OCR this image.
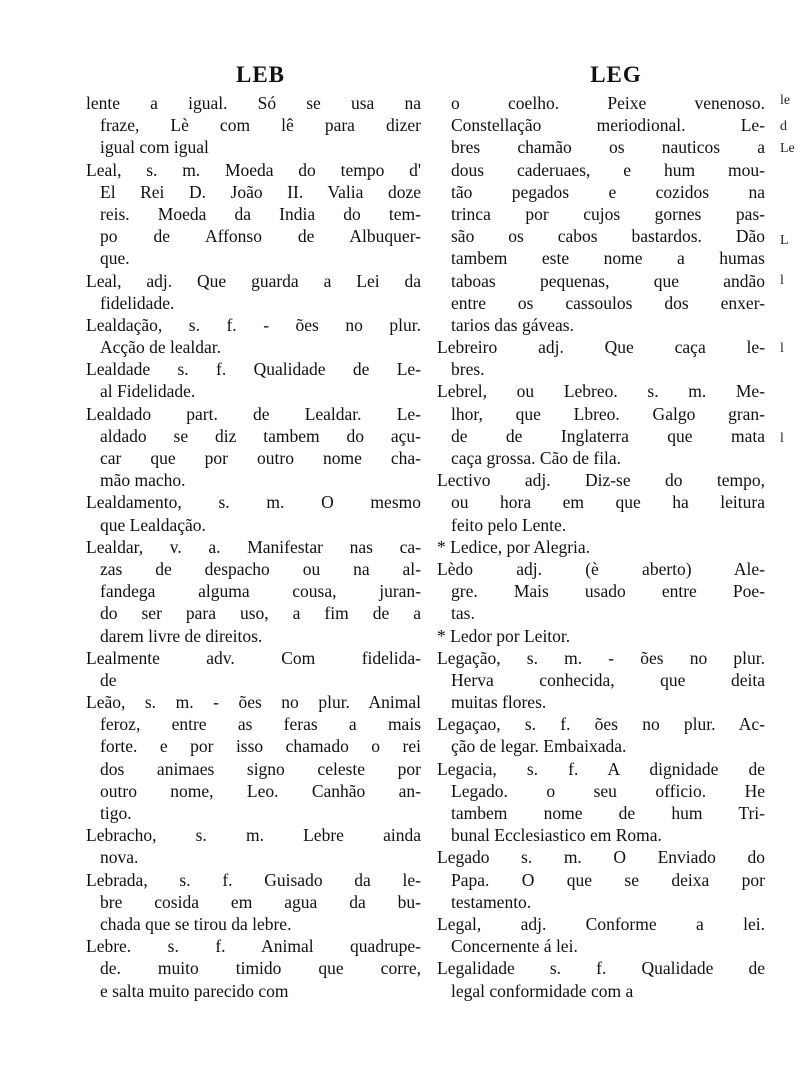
LEB
lente a igual. Só se usa na
fraze, Lè com lê para dizer
igual com igual
Leal, s. m. Moeda do tempo d'
El Rei D. João II. Valia doze
reis. Moeda da India do tem-
po de Affonso de Albuquer-
que.
Leal, adj. Que guarda a Lei da
fidelidade.
Lealdação, s. f. - ões no plur.
Acção de lealdar.
Lealdade s. f. Qualidade de Le-
al Fidelidade.
Lealdado part. de Lealdar. Le-
aldado se diz tambem do açu-
car que por outro nome cha-
mão macho.
Lealdamento, s. m. O mesmo
que Lealdação.
Lealdar, v. a. Manifestar nas ca-
zas de despacho ou na al-
fandega alguma cousa, juran-
do ser para uso, a fim de a
darem livre de direitos.
Lealmente adv. Com fidelida-
de
Leão, s. m. - ões no plur. Animal
feroz, entre as feras a mais
forte. e por isso chamado o rei
dos animaes signo celeste por
outro nome, Leo. Canhão an-
tigo.
Lebracho, s. m. Lebre ainda
nova.
Lebrada, s. f. Guisado da le-
bre cosida em agua da bu-
chada que se tirou da lebre.
Lebre. s. f. Animal quadrupe-
de. muito timido que corre,
e salta muito parecido com
LEG
o coelho. Peixe venenoso.
Constellação meriodional. Le-
bres chamão os nauticos a
dous caderuaes, e hum mou-
tão pegados e cozidos na
trinca por cujos gornes pas-
são os cabos bastardos. Dão
tambem este nome a humas
taboas pequenas, que andão
entre os cassoulos dos enxer-
tarios das gáveas.
Lebreiro adj. Que caça le-
bres.
Lebrel, ou Lebreo. s. m. Me-
lhor, que Lbreo. Galgo gran-
de de Inglaterra que mata
caça grossa. Cão de fila.
Lectivo adj. Diz-se do tempo,
ou hora em que ha leitura
feito pelo Lente.
* Ledice, por Alegria.
Lèdo adj. (è aberto) Ale-
gre. Mais usado entre Poe-
tas.
* Ledor por Leitor.
Legação, s. m. - ões no plur.
Herva conhecida, que deita
muitas flores.
Legaçao, s. f. ões no plur. Ac-
ção de legar. Embaixada.
Legacia, s. f. A dignidade de
Legado. o seu officio. He
tambem nome de hum Tri-
bunal Ecclesiastico em Roma.
Legado s. m. O Enviado do
Papa. O que se deixa por
testamento.
Legal, adj. Conforme a lei.
Concernente á lei.
Legalidade s. f. Qualidade de
legal conformidade com a
le
d
Le
L
l
l
l
